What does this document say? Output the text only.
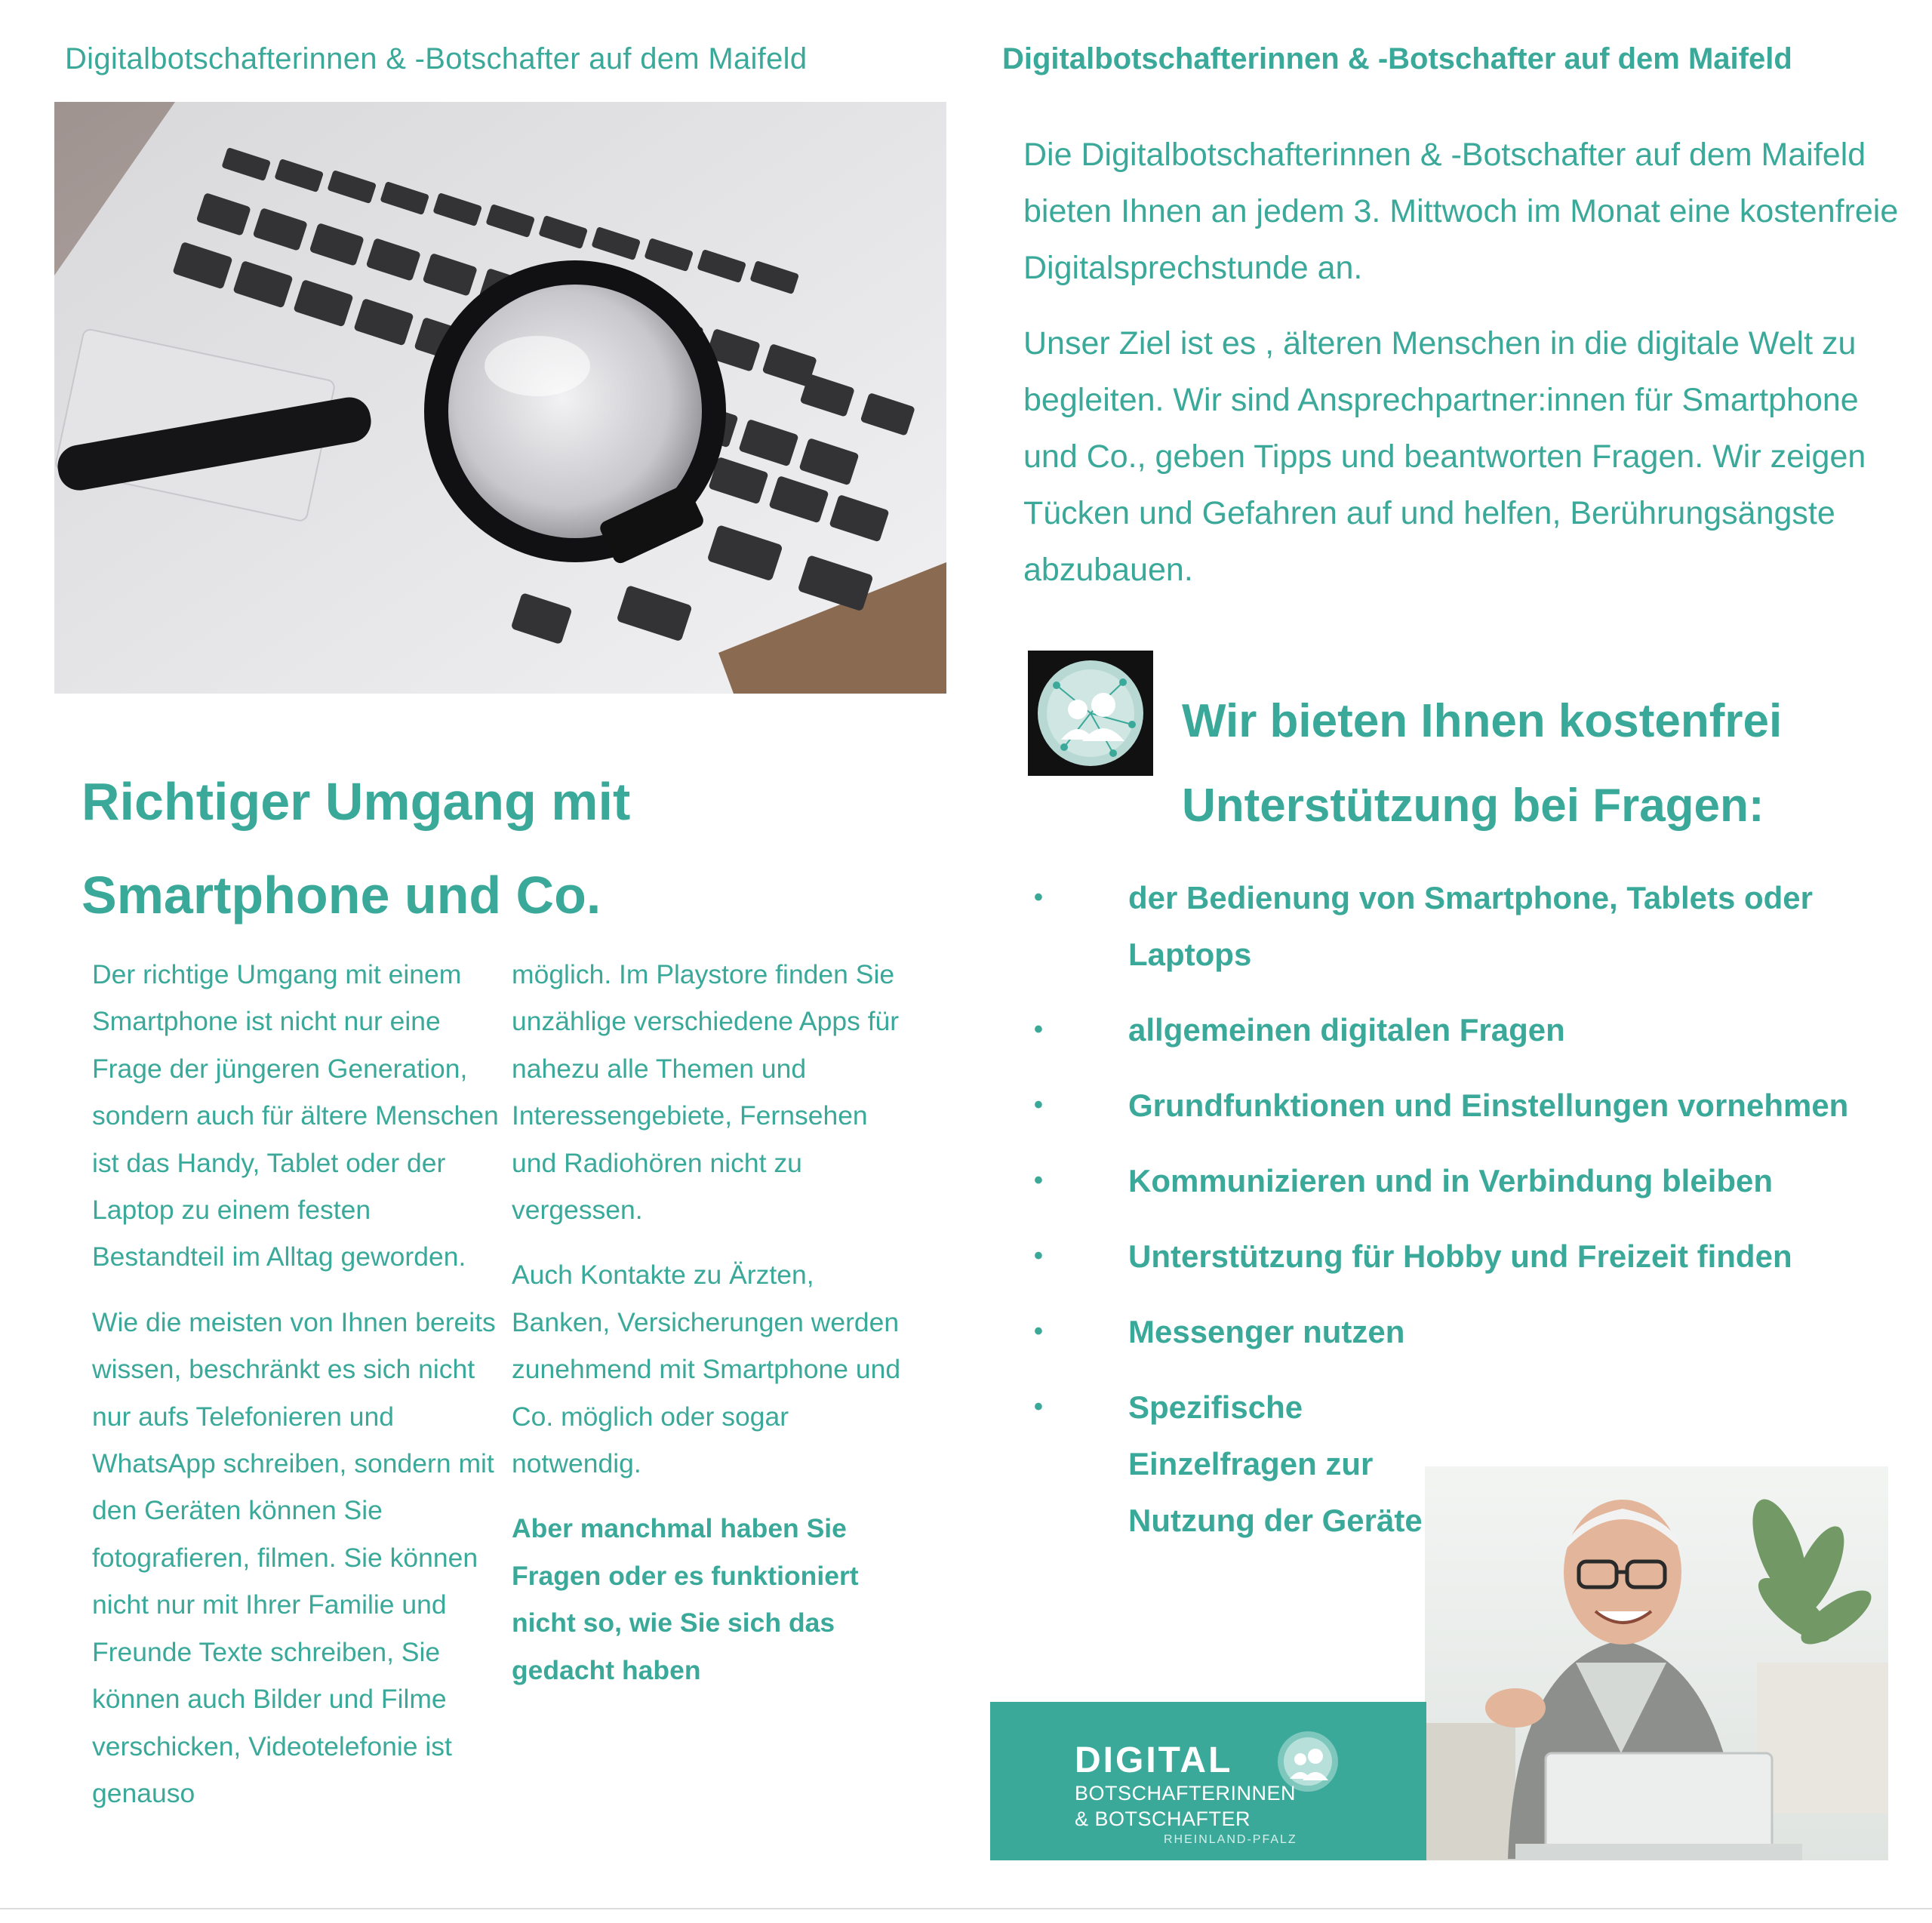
Digitalbotschafterinnen & -Botschafter auf dem Maifeld
Richtiger Umgang mit
Smartphone und Co.

Der richtige Umgang mit einem Smartphone ist nicht nur eine Frage der jüngeren Generation, sondern auch für ältere Menschen ist das Handy, Tablet oder der Laptop zu einem festen Bestandteil im Alltag geworden.

Wie die meisten von Ihnen bereits wissen, beschränkt es sich nicht nur aufs Telefonieren und WhatsApp schreiben, sondern mit den Geräten können Sie fotografieren, filmen. Sie können nicht nur mit Ihrer Familie und Freunde Texte schreiben, Sie können auch Bilder und Filme verschicken, Videotelefonie ist genauso

möglich. Im Playstore finden Sie unzählige verschiedene Apps für nahezu alle Themen und Interessengebiete, Fernsehen und Radiohören nicht zu vergessen.

Auch Kontakte zu Ärzten, Banken, Versicherungen werden zunehmend mit Smartphone und Co. möglich oder sogar notwendig.

Aber manchmal haben Sie Fragen oder es funktioniert nicht so, wie Sie sich das gedacht haben

Digitalbotschafterinnen & -Botschafter auf dem Maifeld

Die Digitalbotschafterinnen & -Botschafter auf dem Maifeld bieten Ihnen an jedem 3. Mittwoch im Monat eine kostenfreie Digitalsprechstunde an.

Unser Ziel ist es , älteren Menschen in die digitale Welt zu begleiten. Wir sind Ansprechpartner:innen für Smartphone und Co., geben Tipps und beantworten Fragen. Wir zeigen Tücken und Gefahren auf und helfen, Berührungsängste abzubauen.

Wir bieten Ihnen kostenfrei
Unterstützung bei Fragen:
•	der Bedienung von Smartphone, Tablets oder Laptops
•	allgemeinen digitalen Fragen
•	Grundfunktionen und Einstellungen vornehmen
•	Kommunizieren und in Verbindung bleiben
•	Unterstützung für Hobby und Freizeit finden
•	Messenger nutzen
•	Spezifische Einzelfragen zur Nutzung der Geräte
DIGITAL
BOTSCHAFTERINNEN
& BOTSCHAFTER
RHEINLAND-PFALZ
